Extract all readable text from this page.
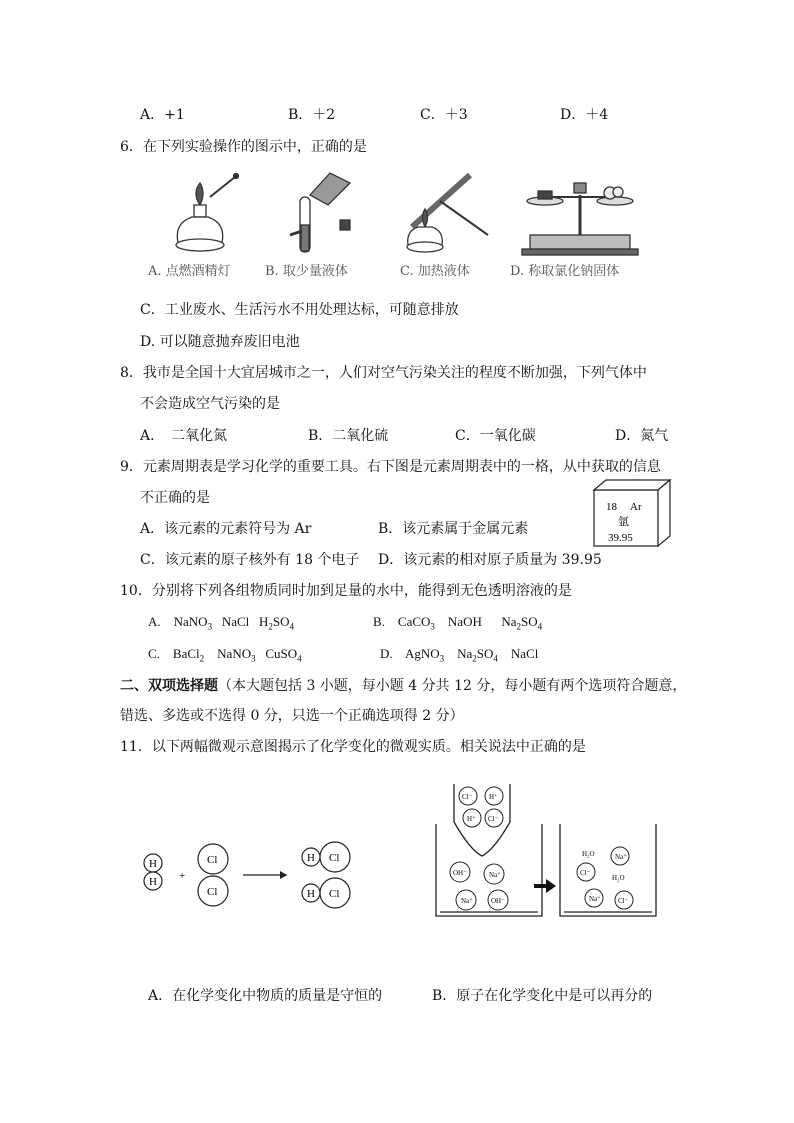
A．+1	B．＋2	C．＋3	D．＋4
6．在下列实验操作的图示中，正确的是
A. 点燃酒精灯	B. 取少量液体	C. 加热液体	D. 称取氯化钠固体
C．工业废水、生活污水不用处理达标，可随意排放
D. 可以随意抛弃废旧电池
8．我市是全国十大宜居城市之一，人们对空气污染关注的程度不断加强，下列气体中
不会造成空气污染的是
A．　二氧化氮	B．二氧化硫	C．一氧化碳	D．氮气
9．元素周期表是学习化学的重要工具。右下图是元素周期表中的一格，从中获取的信息
不正确的是
A．该元素的元素符号为 Ar	B．该元素属于金属元素
C．该元素的原子核外有 18 个电子 D．该元素的相对原子质量为 39.95
18 Ar
氩
39.95
10．分别将下列各组物质同时加到足量的水中，能得到无色透明溶液的是
A. NaNO$_3$ NaCl $H_2SO_4$	B. CaCO$_3$ NaOH $Na_2SO_4$
C. BaCl$_2$ NaNO$_3$ CuSO$_4$	D. AgNO$_3$ $Na_2SO_4$ NaCl
二、双项选择题（本大题包括 3 小题，每小题 4 分共 12 分，每小题有两个选项符合题意，
错选、多选或不选得 0 分，只选一个正确选项得 2 分）
11．以下两幅微观示意图揭示了化学变化的微观实质。相关说法中正确的是
H
H
Cl
Cl
+
H Cl
H Cl
Cl⁻ H⁺
H⁺ Cl⁻
OH⁻	Na⁺
Na⁺	OH⁻
Cl⁻
Na⁺
Na⁺ Cl⁻
H₂O
H₂O
A．在化学变化中物质的质量是守恒的	B．原子在化学变化中是可以再分的
